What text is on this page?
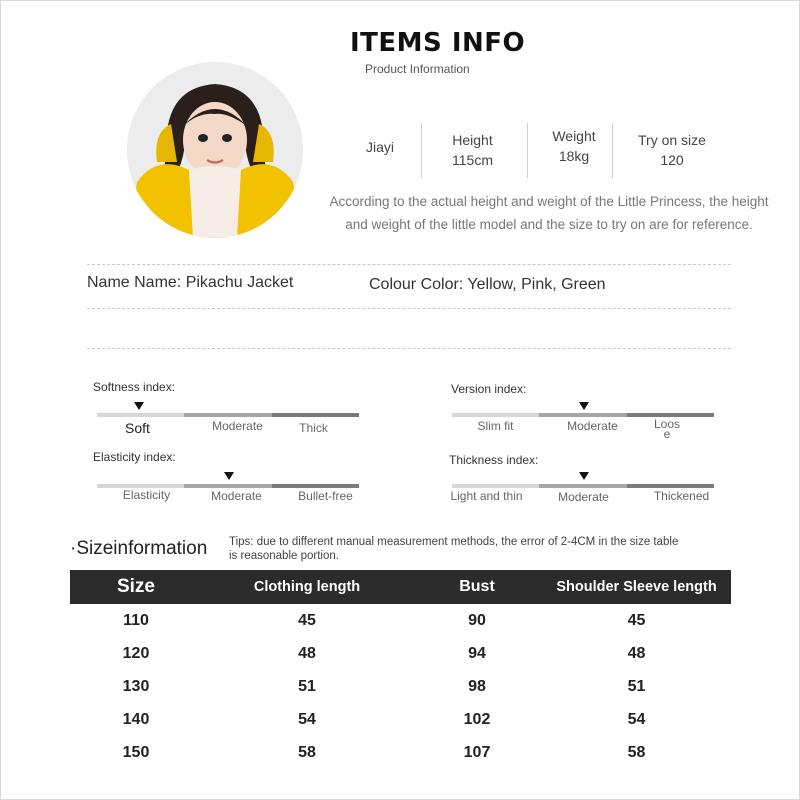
ITEMS INFO
Product Information
Jiayi	Height
115cm
Weight
18kg
Try on size
120
According to the actual height and weight of the Little Princess, the height
and weight of the little model and the size to try on are for reference.
Name Name: Pikachu Jacket	Colour Color: Yellow, Pink, Green
Softness index:
Soft	Moderate	Thick
Version index:
Slim fit	Moderate	Loos
e
Elasticity index:
Elasticity	Moderate	Bullet-free
Thickness index:
Light and thin	Moderate	Thickened
·Sizeinformation Tips: due to different manual measurement methods, the error of 2-4CM in the size table is reasonable portion.
Size	Clothing length	Bust	Shoulder Sleeve length
110	45	90	45
120	48	94	48
130	51	98	51
140	54	102	54
150	58	107	58
